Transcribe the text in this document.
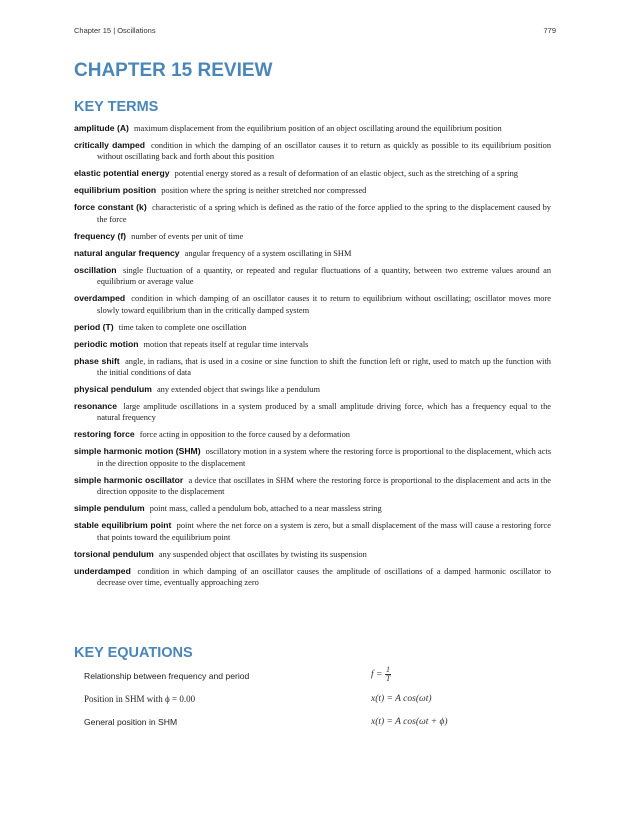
Chapter 15 | Oscillations	779
CHAPTER 15 REVIEW
KEY TERMS

amplitude (A) maximum displacement from the equilibrium position of an object oscillating around the equilibrium position

critically damped condition in which the damping of an oscillator causes it to return as quickly as possible to its equilibrium position without oscillating back and forth about this position

elastic potential energy potential energy stored as a result of deformation of an elastic object, such as the stretching of a spring

equilibrium position position where the spring is neither stretched nor compressed

force constant (k) characteristic of a spring which is defined as the ratio of the force applied to the spring to the displacement caused by the force

frequency (f) number of events per unit of time

natural angular frequency angular frequency of a system oscillating in SHM

oscillation single fluctuation of a quantity, or repeated and regular fluctuations of a quantity, between two extreme values around an equilibrium or average value

overdamped condition in which damping of an oscillator causes it to return to equilibrium without oscillating; oscillator moves more slowly toward equilibrium than in the critically damped system

period (T) time taken to complete one oscillation

periodic motion motion that repeats itself at regular time intervals

phase shift angle, in radians, that is used in a cosine or sine function to shift the function left or right, used to match up the function with the initial conditions of data

physical pendulum any extended object that swings like a pendulum

resonance large amplitude oscillations in a system produced by a small amplitude driving force, which has a frequency equal to the natural frequency

restoring force force acting in opposition to the force caused by a deformation

simple harmonic motion (SHM) oscillatory motion in a system where the restoring force is proportional to the displacement, which acts in the direction opposite to the displacement

simple harmonic oscillator a device that oscillates in SHM where the restoring force is proportional to the displacement and acts in the direction opposite to the displacement

simple pendulum point mass, called a pendulum bob, attached to a near massless string

stable equilibrium point point where the net force on a system is zero, but a small displacement of the mass will cause a restoring force that points toward the equilibrium point

torsional pendulum any suspended object that oscillates by twisting its suspension

underdamped condition in which damping of an oscillator causes the amplitude of oscillations of a damped harmonic oscillator to decrease over time, eventually approaching zero

KEY EQUATIONS
Relationship between frequency and period	$f = \frac{1}{T}$
Position in SHM with ϕ = 0.00	x(t) = A cos(ωt)
General position in SHM	x(t) = A cos(ωt + ϕ)
